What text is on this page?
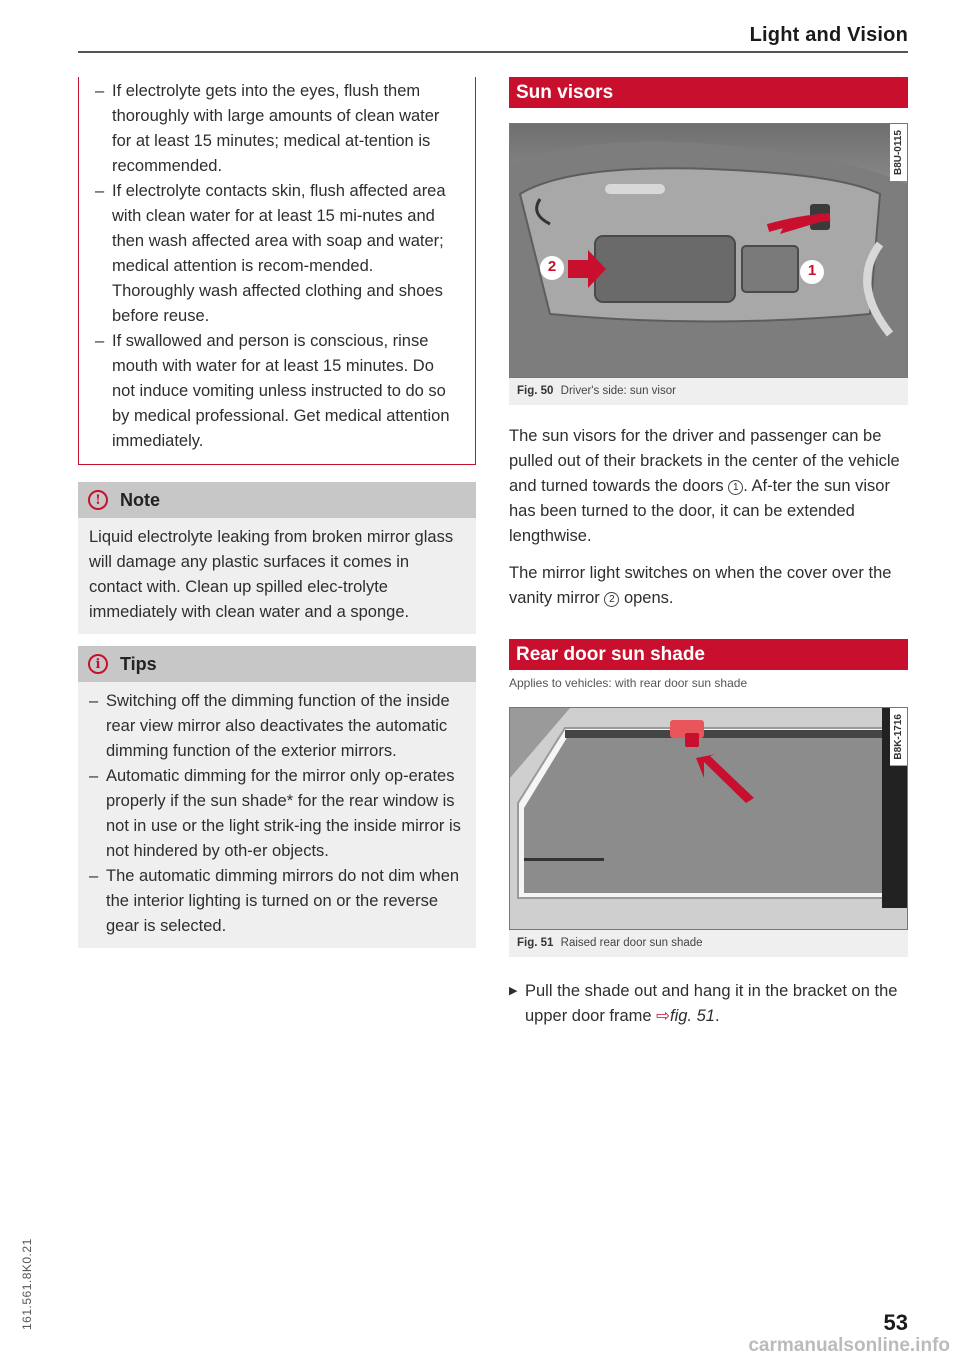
Light and Vision
– If electrolyte gets into the eyes, flush them thoroughly with large amounts of clean water for at least 15 minutes; medical at-tention is recommended.
– If electrolyte contacts skin, flush affected area with clean water for at least 15 mi-nutes and then wash affected area with soap and water; medical attention is recom-mended. Thoroughly wash affected clothing and shoes before reuse.
– If swallowed and person is conscious, rinse mouth with water for at least 15 minutes. Do not induce vomiting unless instructed to do so by medical professional. Get medical attention immediately.
!	Note

Liquid electrolyte leaking from broken mirror glass will damage any plastic surfaces it comes in contact with. Clean up spilled elec-trolyte immediately with clean water and a sponge.

i	Tips
– Switching off the dimming function of the inside rear view mirror also deactivates the automatic dimming function of the exterior mirrors.
– Automatic dimming for the mirror only op-erates properly if the sun shade* for the rear window is not in use or the light strik-ing the inside mirror is not hindered by oth-er objects.
– The automatic dimming mirrors do not dim when the interior lighting is turned on or the reverse gear is selected.
Sun visors
2	1
B8U-0115
Fig. 50 Driver's side: sun visor

The sun visors for the driver and passenger can be pulled out of their brackets in the center of the vehicle and turned towards the doors 1 . Af-ter the sun visor has been turned to the door, it can be extended lengthwise.

The mirror light switches on when the cover over the vanity mirror 2 opens.

Rear door sun shade
Applies to vehicles: with rear door sun shade
B8K-1716
Fig. 51 Raised rear door sun shade
▶ Pull the shade out and hang it in the bracket on the upper door frame ⇨fig. 51.
161.561.8K0.21	53
carmanualsonline.info
